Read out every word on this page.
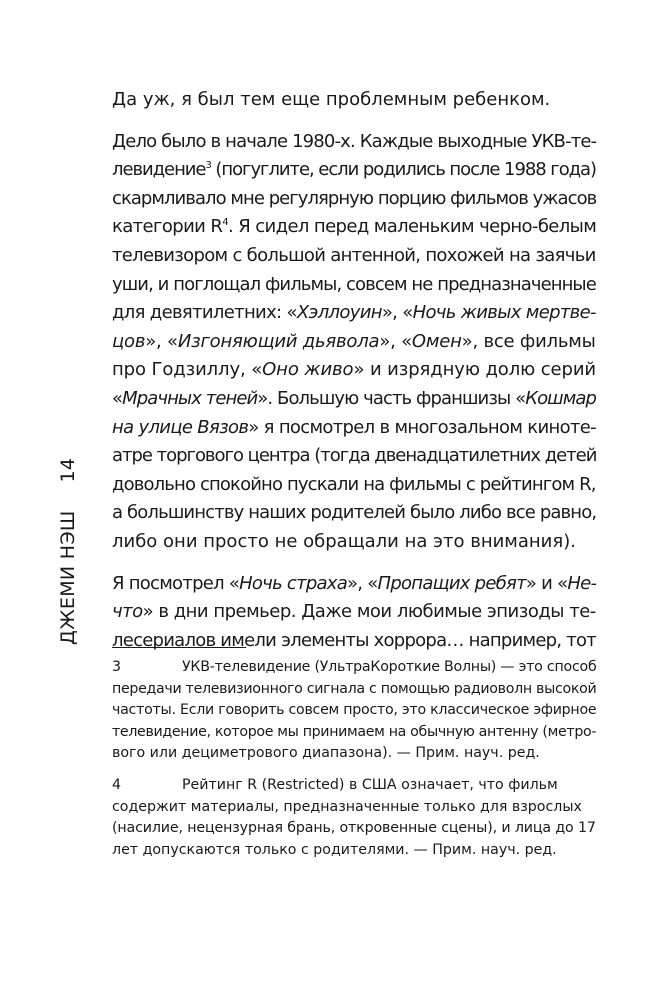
ДЖЕМИ НЭШ
14
Да уж, я был тем еще проблемным ребенком.
Дело было в начале 1980-х. Каждые выходные УКВ-те-
левидение$^3$ (погуглите, если родились после 1988 года)
скармливало мне регулярную порцию фильмов ужасов
категории $R^4$. Я сидел перед маленьким черно-белым
телевизором с большой антенной, похожей на заячьи
уши, и поглощал фильмы, совсем не предназначенные
для девятилетних: «Хэллоуин», «Ночь живых мертве-
цов», «Изгоняющий дьявола», «Омен», все фильмы
про Годзиллу, «Оно живо» и изрядную долю серий
«Мрачных теней». Большую часть франшизы «Кошмар
на улице Вязов» я посмотрел в многозальном киноте-
атре торгового центра (тогда двенадцатилетних детей
довольно спокойно пускали на фильмы с рейтингом R,
а большинству наших родителей было либо все равно,
либо они просто не обращали на это внимания).
Я посмотрел «Ночь страха», «Пропащих ребят» и «Не-
что» в дни премьер. Даже мои любимые эпизоды те-
лесериалов имели элементы хоррора… например, тот
3	УКВ-телевидение (УльтраКороткие Волны) — это способ
передачи телевизионного сигнала с помощью радиоволн высокой
частоты. Если говорить совсем просто, это классическое эфирное
телевидение, которое мы принимаем на обычную антенну (метро-
вого или дециметрового диапазона). — Прим. науч. ред.
4	Рейтинг R (Restricted) в США означает, что фильм
содержит материалы, предназначенные только для взрослых
(насилие, нецензурная брань, откровенные сцены), и лица до 17
лет допускаются только с родителями. — Прим. науч. ред.
